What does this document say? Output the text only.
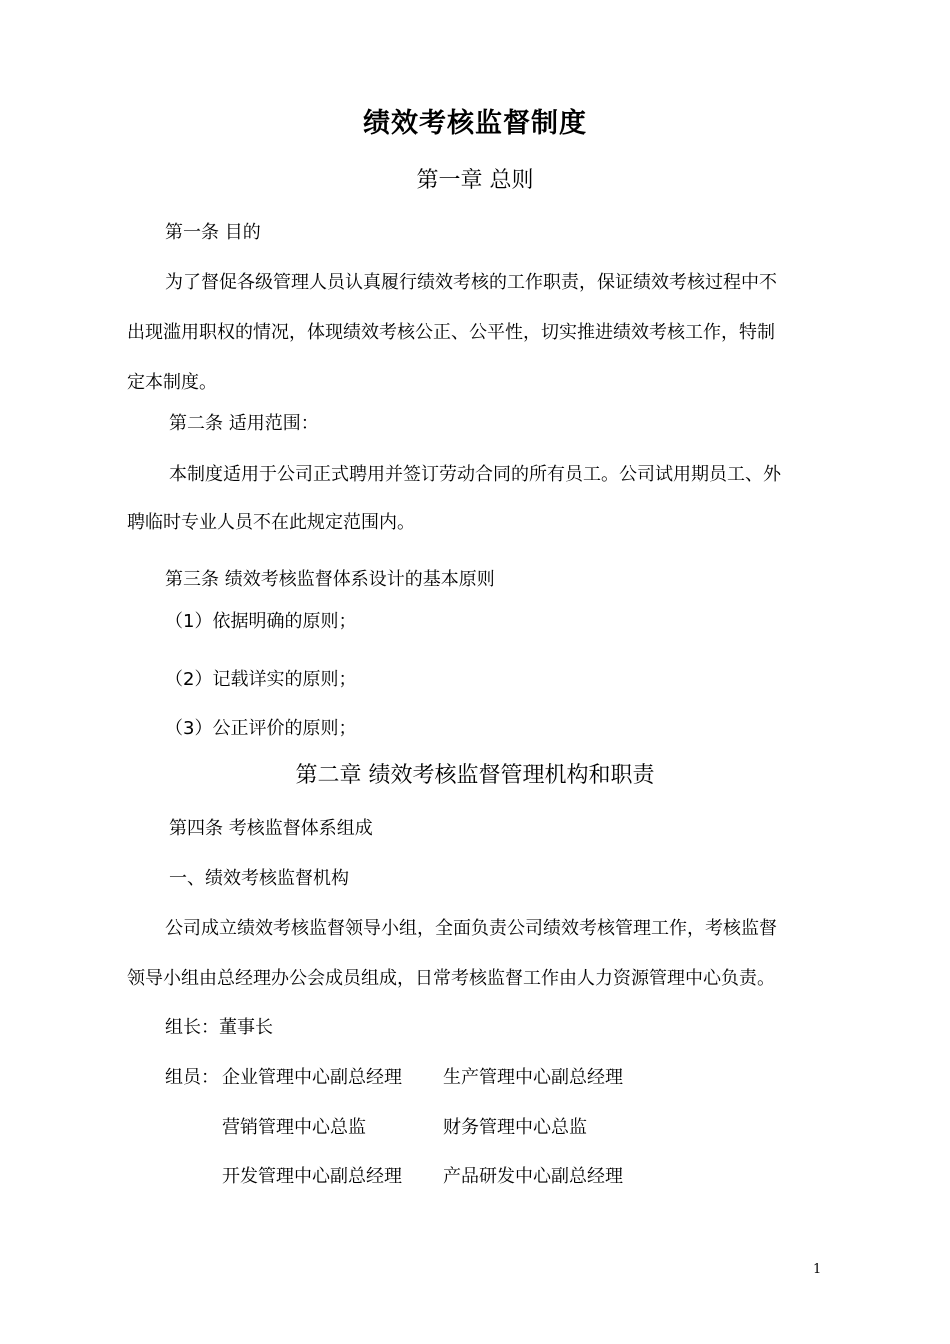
绩效考核监督制度
第一章 总则
第一条 目的
为了督促各级管理人员认真履行绩效考核的工作职责，保证绩效考核过程中不
出现滥用职权的情况，体现绩效考核公正、公平性，切实推进绩效考核工作，特制
定本制度。
第二条 适用范围：
本制度适用于公司正式聘用并签订劳动合同的所有员工。公司试用期员工、外
聘临时专业人员不在此规定范围内。
第三条 绩效考核监督体系设计的基本原则
（1）依据明确的原则；
（2）记载详实的原则；
（3）公正评价的原则；
第二章 绩效考核监督管理机构和职责
第四条 考核监督体系组成
一、绩效考核监督机构
公司成立绩效考核监督领导小组，全面负责公司绩效考核管理工作，考核监督
领导小组由总经理办公会成员组成，日常考核监督工作由人力资源管理中心负责。
组长：董事长
组员： 企业管理中心副总经理 生产管理中心副总经理
营销管理中心总监	财务管理中心总监
开发管理中心副总经理 产品研发中心副总经理
1
